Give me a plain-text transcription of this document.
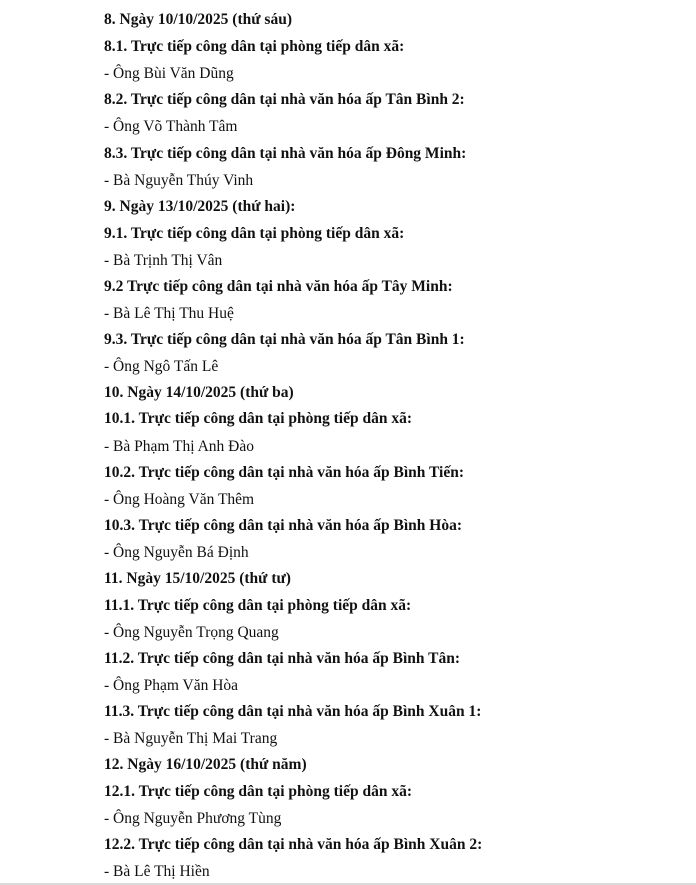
8. Ngày 10/10/2025 (thứ sáu)
8.1. Trực tiếp công dân tại phòng tiếp dân xã:
- Ông Bùi Văn Dũng
8.2. Trực tiếp công dân tại nhà văn hóa ấp Tân Bình 2:
- Ông Võ Thành Tâm
8.3. Trực tiếp công dân tại nhà văn hóa ấp Đông Minh:
- Bà Nguyễn Thúy Vinh
9. Ngày 13/10/2025 (thứ hai):
9.1. Trực tiếp công dân tại phòng tiếp dân xã:
- Bà Trịnh Thị Vân
9.2 Trực tiếp công dân tại nhà văn hóa ấp Tây Minh:
- Bà Lê Thị Thu Huệ
9.3. Trực tiếp công dân tại nhà văn hóa ấp Tân Bình 1:
- Ông Ngô Tấn Lê
10. Ngày 14/10/2025 (thứ ba)
10.1. Trực tiếp công dân tại phòng tiếp dân xã:
- Bà Phạm Thị Anh Đào
10.2. Trực tiếp công dân tại nhà văn hóa ấp Bình Tiến:
- Ông Hoàng Văn Thêm
10.3. Trực tiếp công dân tại nhà văn hóa ấp Bình Hòa:
- Ông Nguyễn Bá Định
11. Ngày 15/10/2025 (thứ tư)
11.1. Trực tiếp công dân tại phòng tiếp dân xã:
- Ông Nguyễn Trọng Quang
11.2. Trực tiếp công dân tại nhà văn hóa ấp Bình Tân:
- Ông Phạm Văn Hòa
11.3. Trực tiếp công dân tại nhà văn hóa ấp Bình Xuân 1:
- Bà Nguyễn Thị Mai Trang
12. Ngày 16/10/2025 (thứ năm)
12.1. Trực tiếp công dân tại phòng tiếp dân xã:
- Ông Nguyễn Phương Tùng
12.2. Trực tiếp công dân tại nhà văn hóa ấp Bình Xuân 2:
- Bà Lê Thị Hiền
